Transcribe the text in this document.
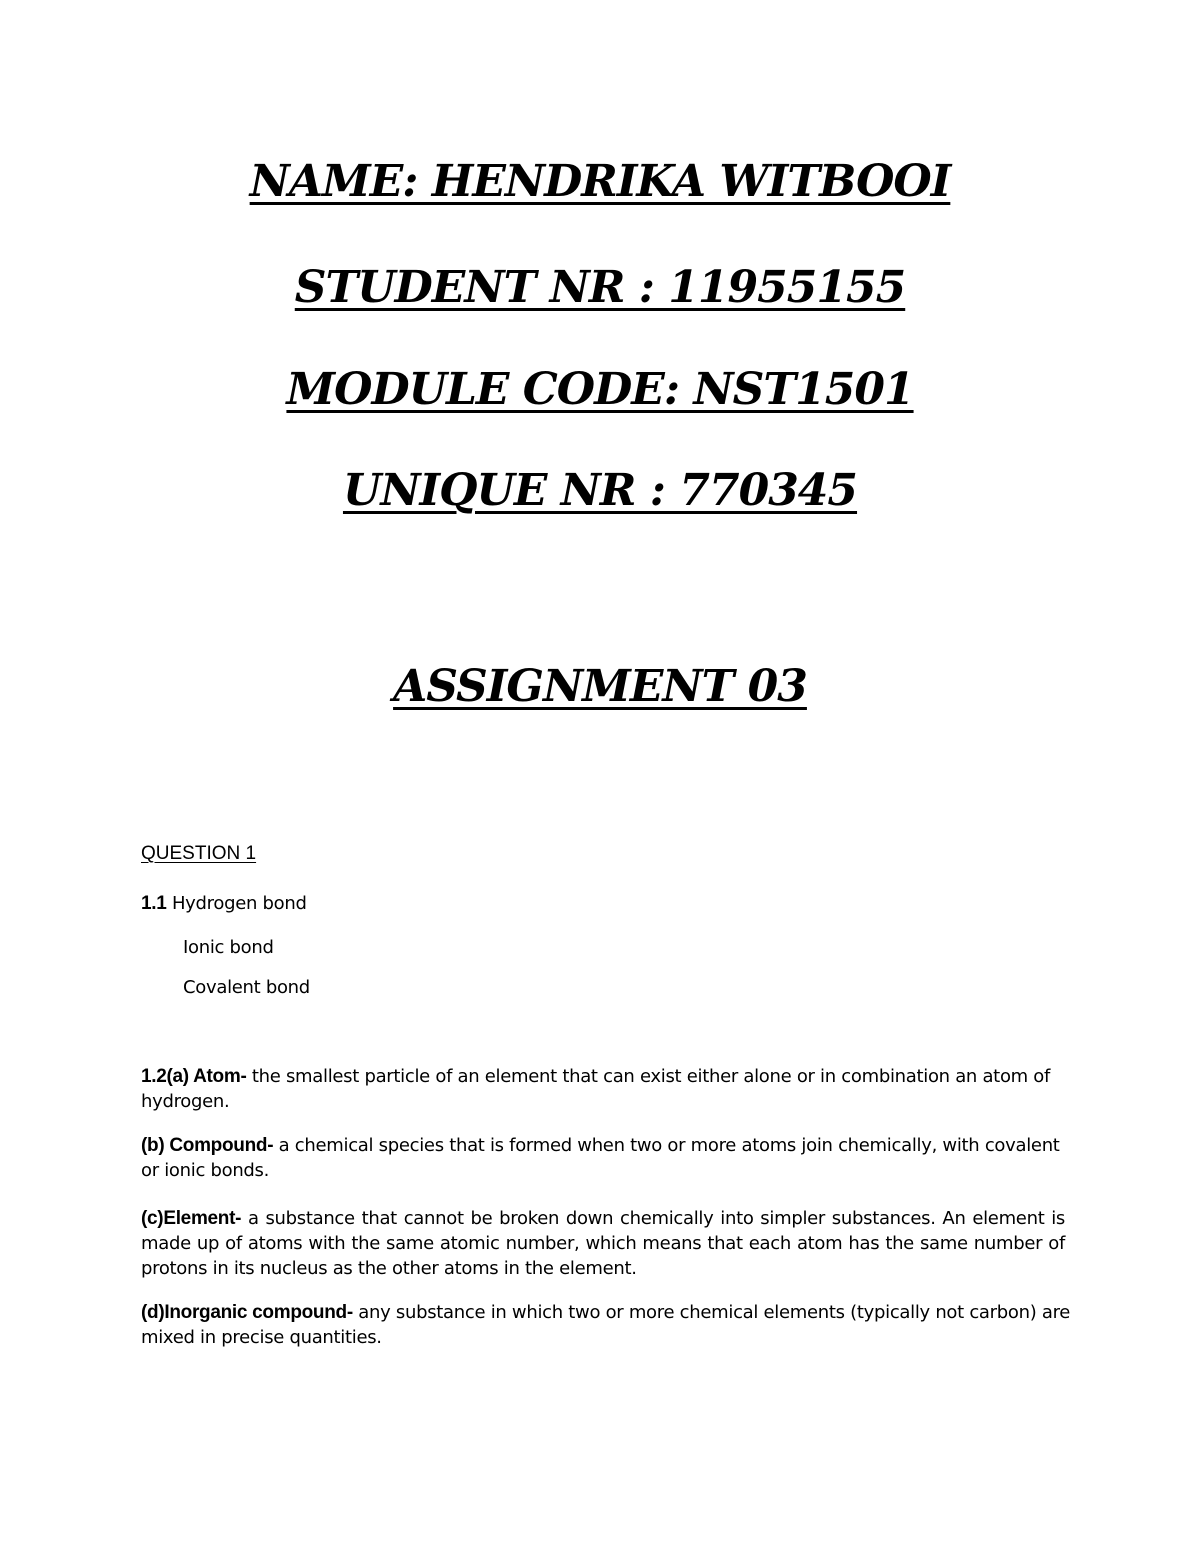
NAME: HENDRIKA WITBOOI
STUDENT NR : 11955155
MODULE CODE: NST1501
UNIQUE NR : 770345
ASSIGNMENT 03
QUESTION 1
1.1 Hydrogen bond
Ionic bond
Covalent bond
1.2(a) Atom- the smallest particle of an element that can exist either alone or in combination an atom of hydrogen.
(b) Compound- a chemical species that is formed when two or more atoms join chemically, with covalent or ionic bonds.
(c)Element- a substance that cannot be broken down chemically into simpler substances. An element is made up of atoms with the same atomic number, which means that each atom has the same number of protons in its nucleus as the other atoms in the element.
(d)Inorganic compound- any substance in which two or more chemical elements (typically not carbon) are mixed in precise quantities.
